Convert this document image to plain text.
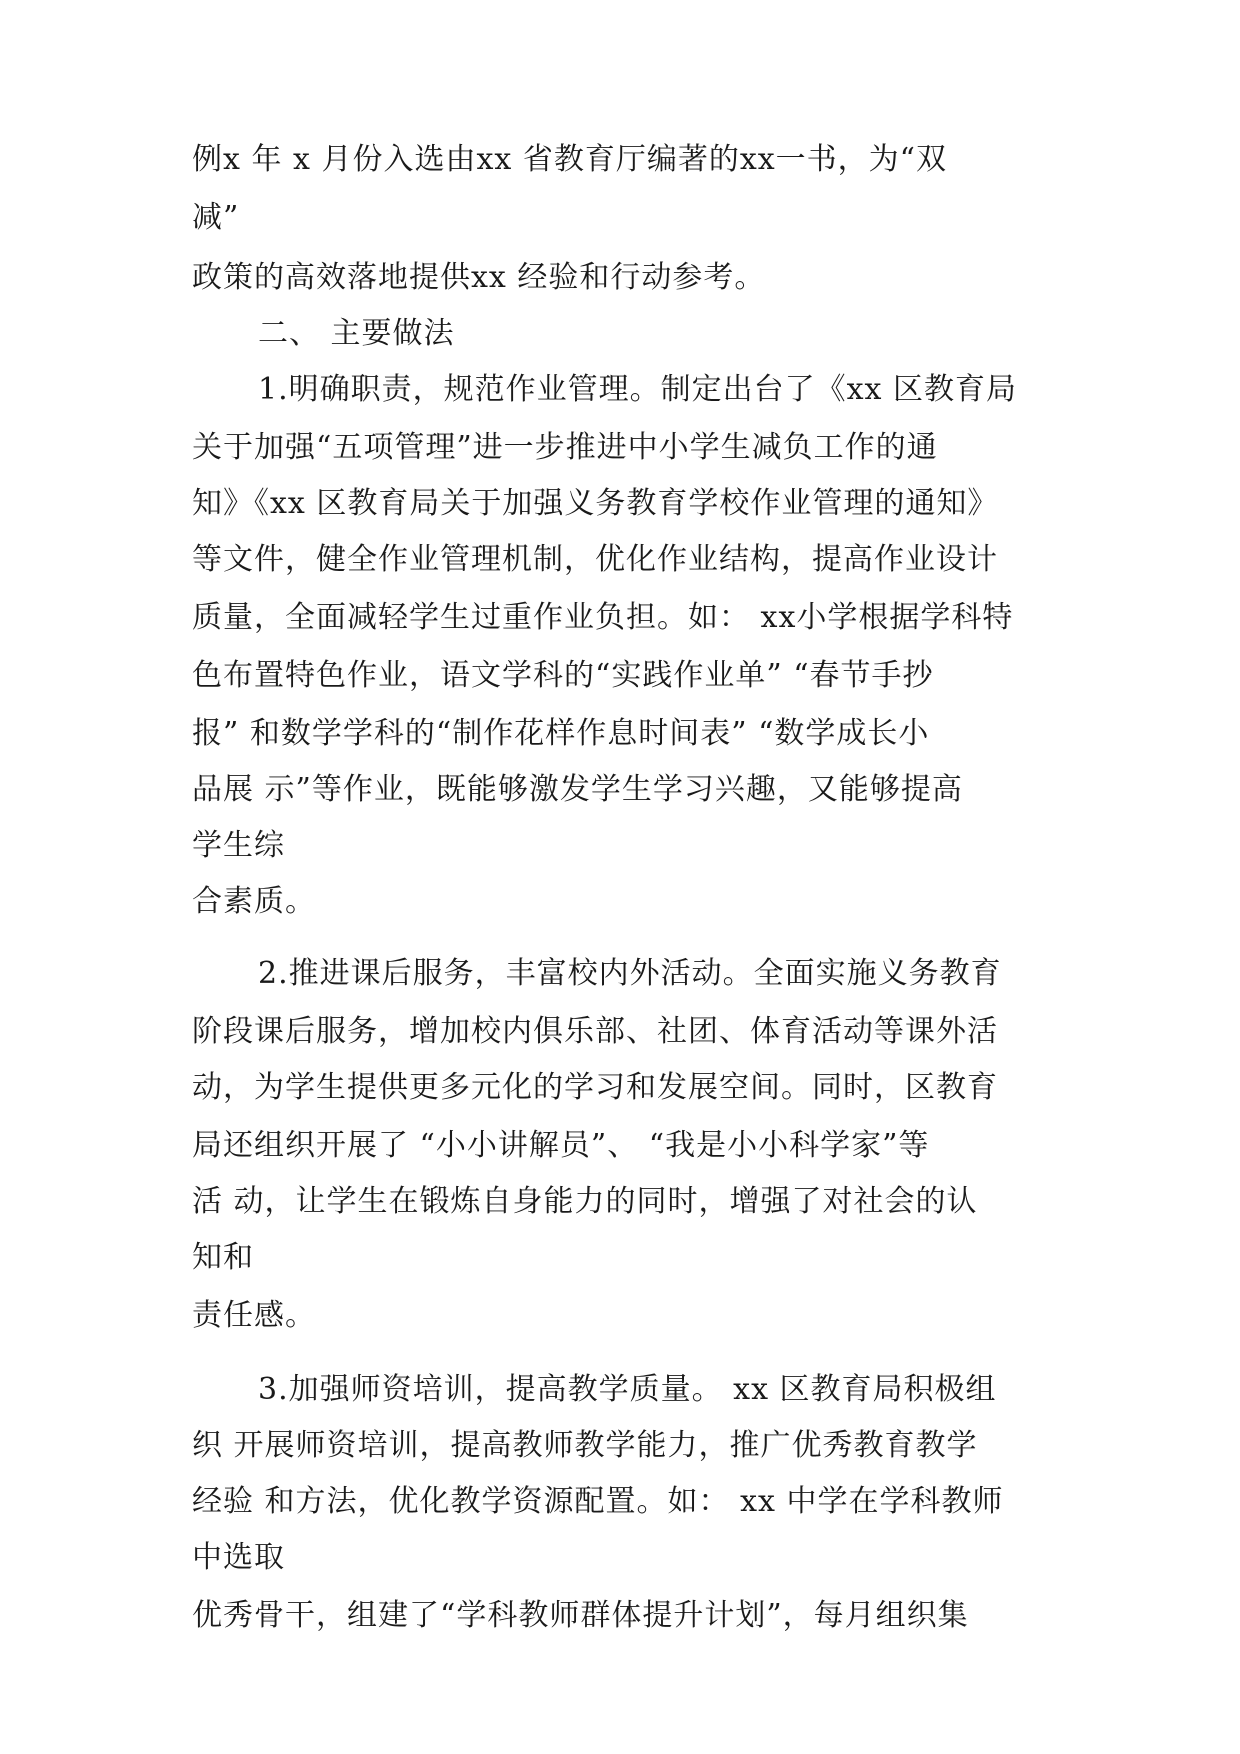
例x 年 x 月份入选由xx 省教育厅编著的xx一书，为“双
减”
政策的高效落地提供xx 经验和行动参考。
二、 主要做法
1.明确职责，规范作业管理。制定出台了《xx 区教育局
关于加强“五项管理”进一步推进中小学生减负工作的通
知》《xx 区教育局关于加强义务教育学校作业管理的通知》
等文件，健全作业管理机制，优化作业结构，提高作业设计
质量，全面减轻学生过重作业负担。如： xx小学根据学科特
色布置特色作业，语文学科的“实践作业单” “春节手抄
报” 和数学学科的“制作花样作息时间表” “数学成长小
品展 示”等作业，既能够激发学生学习兴趣，又能够提高
学生综
合素质。
2.推进课后服务，丰富校内外活动。全面实施义务教育
阶段课后服务，增加校内俱乐部、社团、体育活动等课外活
动，为学生提供更多元化的学习和发展空间。同时，区教育
局还组织开展了 “小小讲解员”、 “我是小小科学家”等
活 动，让学生在锻炼自身能力的同时，增强了对社会的认
知和
责任感。
3.加强师资培训，提高教学质量。 xx 区教育局积极组
织 开展师资培训，提高教师教学能力，推广优秀教育教学
经验 和方法，优化教学资源配置。如： xx 中学在学科教师
中选取
优秀骨干，组建了“学科教师群体提升计划”，每月组织集
